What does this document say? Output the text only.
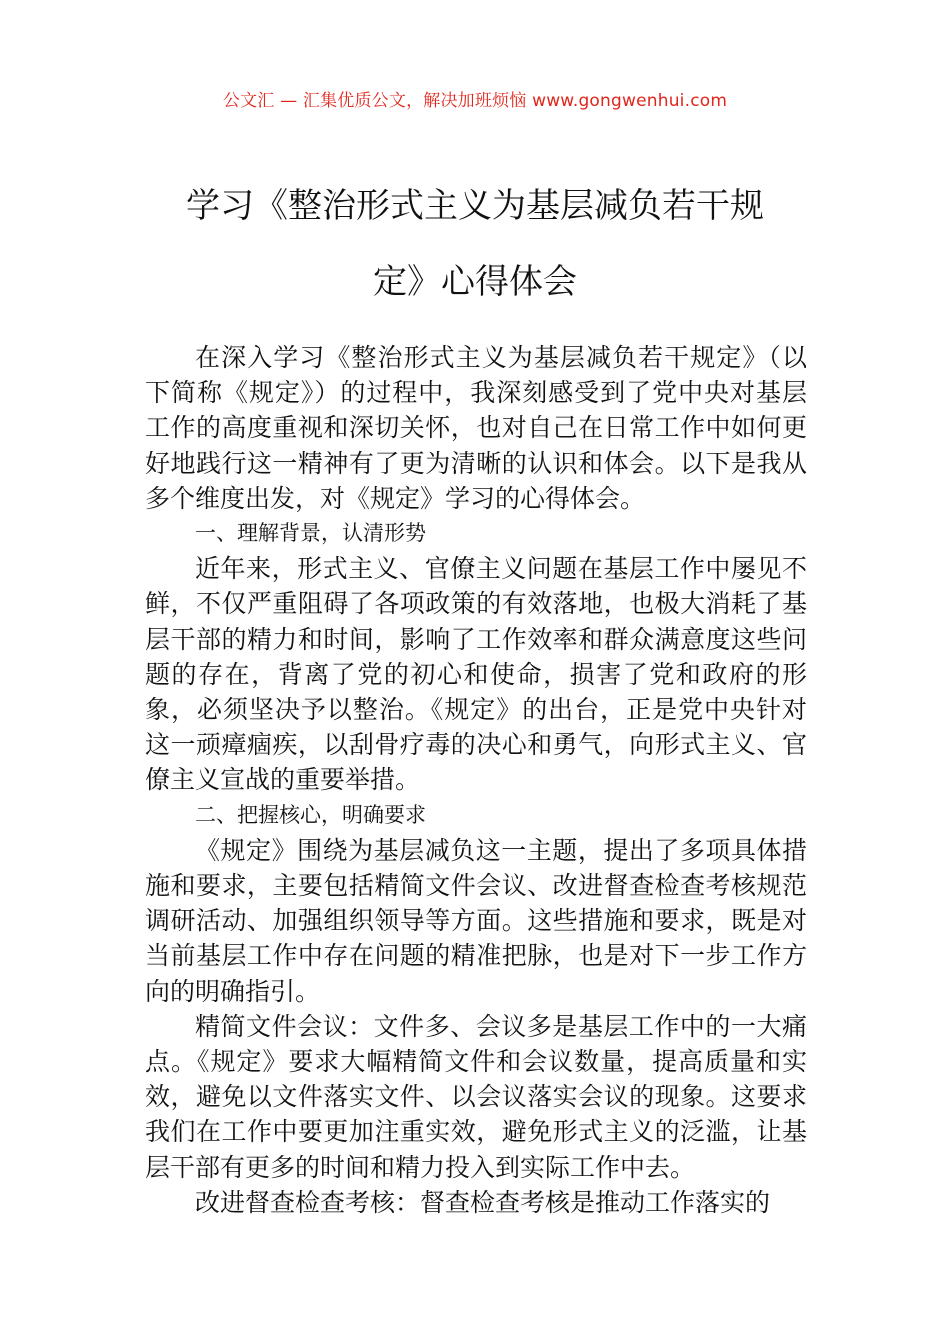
公文汇 — 汇集优质公文，解决加班烦恼 www.gongwenhui.com
学习《整治形式主义为基层减负若干规
定》心得体会

在深入学习《整治形式主义为基层减负若干规定》（以下简称《规定》）的过程中，我深刻感受到了党中央对基层工作的高度重视和深切关怀，也对自己在日常工作中如何更好地践行这一精神有了更为清晰的认识和体会。以下是我从多个维度出发，对《规定》学习的心得体会。

一、理解背景，认清形势

近年来，形式主义、官僚主义问题在基层工作中屡见不鲜，不仅严重阻碍了各项政策的有效落地，也极大消耗了基层干部的精力和时间，影响了工作效率和群众满意度这些问题的存在，背离了党的初心和使命，损害了党和政府的形象，必须坚决予以整治。《规定》的出台，正是党中央针对这一顽瘴痼疾，以刮骨疗毒的决心和勇气，向形式主义、官僚主义宣战的重要举措。

二、把握核心，明确要求

《规定》围绕为基层减负这一主题，提出了多项具体措施和要求，主要包括精简文件会议、改进督查检查考核规范调研活动、加强组织领导等方面。这些措施和要求，既是对当前基层工作中存在问题的精准把脉，也是对下一步工作方向的明确指引。

精简文件会议：文件多、会议多是基层工作中的一大痛点。《规定》要求大幅精简文件和会议数量，提高质量和实效，避免以文件落实文件、以会议落实会议的现象。这要求我们在工作中要更加注重实效，避免形式主义的泛滥，让基层干部有更多的时间和精力投入到实际工作中去。

改进督查检查考核：督查检查考核是推动工作落实的
